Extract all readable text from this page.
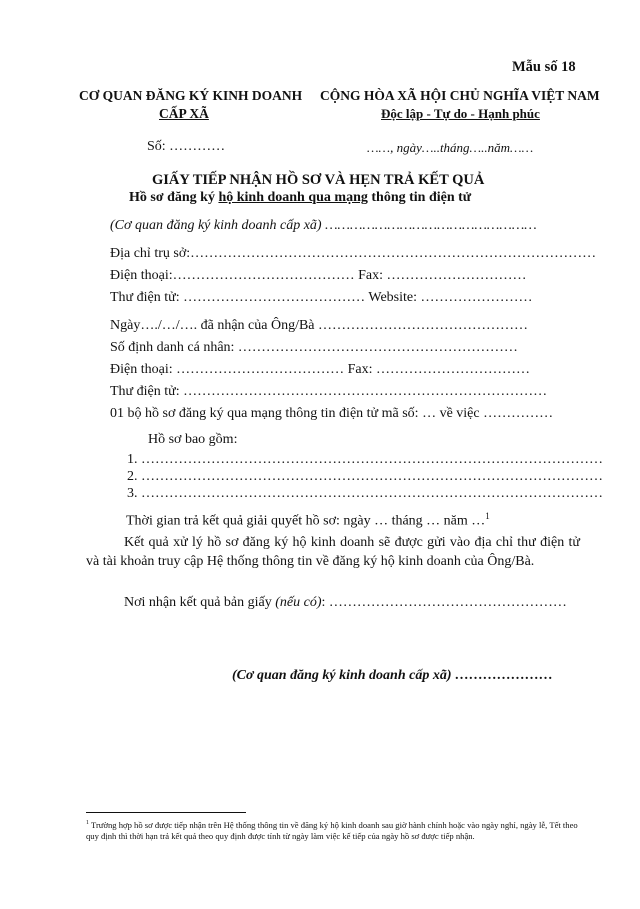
Mẫu số 18
CƠ QUAN ĐĂNG KÝ KINH DOANH
CẤP XÃ
CỘNG HÒA XÃ HỘI CHỦ NGHĨA VIỆT NAM
Độc lập - Tự do - Hạnh phúc
Số: …………	……, ngày…..tháng…..năm……
GIẤY TIẾP NHẬN HỒ SƠ VÀ HẸN TRẢ KẾT QUẢ
Hồ sơ đăng ký hộ kinh doanh qua mạng thông tin điện tử
(Cơ quan đăng ký kinh doanh cấp xã) ……………………………………………
Địa chỉ trụ sở:……………………………………………………………………………
Điện thoại:………………………………… Fax: …………………………
Thư điện tử: ………………………………… Website: ……………………
Ngày…./…/…. đã nhận của Ông/Bà ………………………………………
Số định danh cá nhân: ……………………………………………………
Điện thoại: ……………………………… Fax: ……………………………
Thư điện tử: ……………………………………………………………………
01 bộ hồ sơ đăng ký qua mạng thông tin điện tử mã số: … về việc ……………
Hồ sơ bao gồm:
1. ………………………………………………………………………………………
2. ………………………………………………………………………………………
3. ………………………………………………………………………………………
Thời gian trả kết quả giải quyết hồ sơ: ngày … tháng … năm …$^1$
Kết quả xử lý hồ sơ đăng ký hộ kinh doanh sẽ được gửi vào địa chỉ thư điện tử và tài khoản truy cập Hệ thống thông tin về đăng ký hộ kinh doanh của Ông/Bà.
Nơi nhận kết quả bản giấy (nếu có): ……………………………………………
(Cơ quan đăng ký kinh doanh cấp xã) …………………
$^1$ Trường hợp hồ sơ được tiếp nhận trên Hệ thống thông tin về đăng ký hộ kinh doanh sau giờ hành chính hoặc vào ngày nghỉ, ngày lễ, Tết theo quy định thì thời hạn trả kết quả theo quy định được tính từ ngày làm việc kế tiếp của ngày hồ sơ được tiếp nhận.
